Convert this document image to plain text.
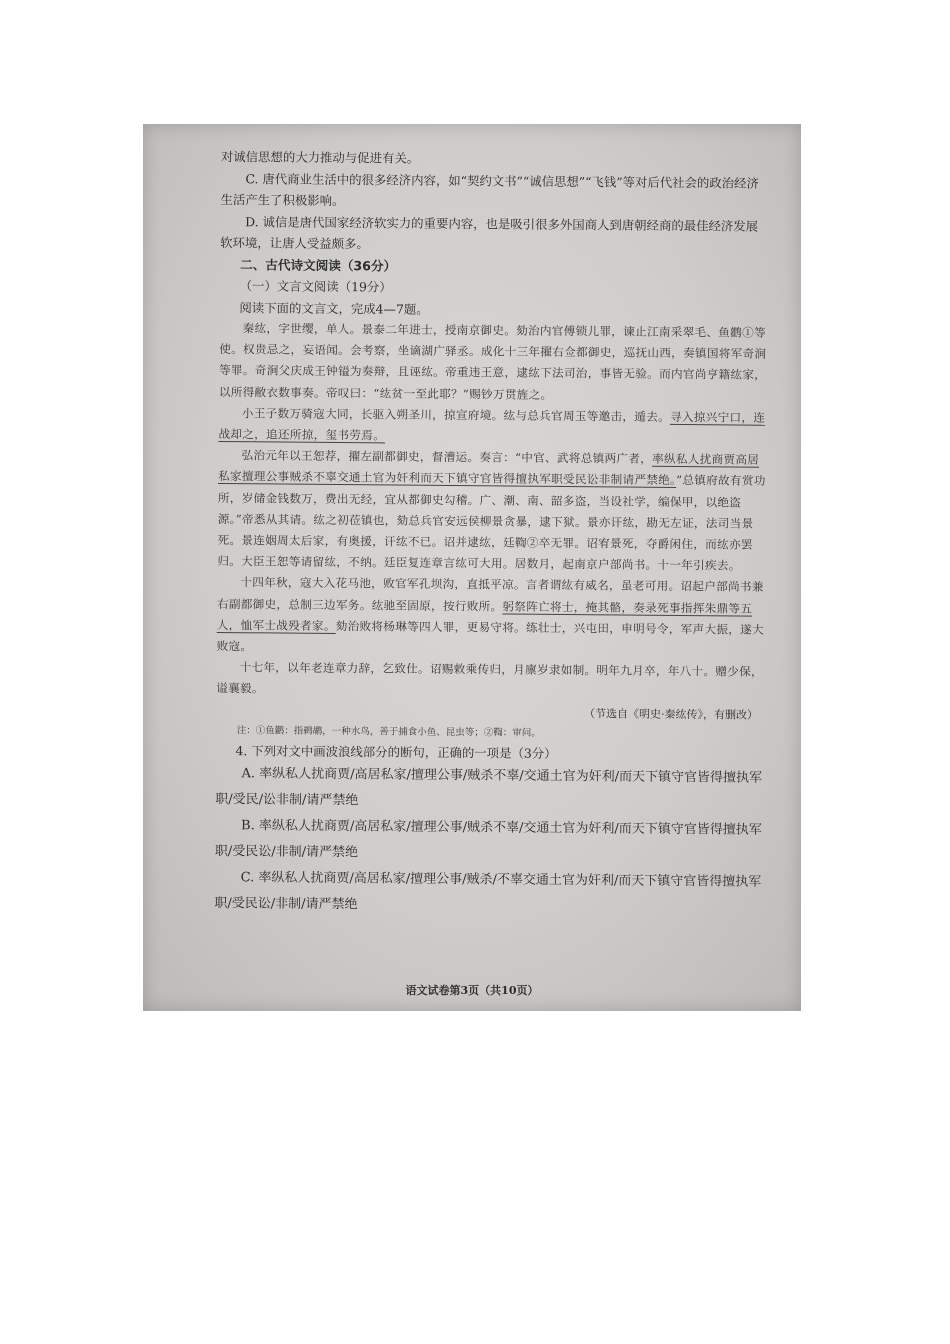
对诚信思想的大力推动与促进有关。

C. 唐代商业生活中的很多经济内容，如“契约文书”“诚信思想”“飞钱”等对后代社会的政治经济生活产生了积极影响。

D. 诚信是唐代国家经济软实力的重要内容，也是吸引很多外国商人到唐朝经商的最佳经济发展软环境，让唐人受益颇多。

二、古代诗文阅读（36分）

（一）文言文阅读（19分）

阅读下面的文言文，完成4—7题。

秦纮，字世缨，单人。景泰二年进士，授南京御史。劾治内官傅锁儿罪，谏止江南采翠毛、鱼鹳①等使。权贵忌之，妄语闻。会考察，坐谪湖广驿丞。成化十三年擢右佥都御史，巡抚山西，奏镇国将军奇涧等罪。奇涧父庆成王钟镒为奏辩，且诬纮。帝重违王意，逮纮下法司治，事皆无验。而内官尚亨籍纮家，以所得敝衣数事奏。帝叹曰：“纮贫一至此耶？”赐钞万贯旌之。

小王子数万骑寇大同，长驱入朔圣川，掠宣府境。纮与总兵官周玉等邀击，遁去。寻入掠兴宁口，连战却之，追还所掠，玺书劳焉。

弘治元年以王恕荐，擢左副都御史，督漕运。奏言：“中官、武将总镇两广者，率纵私人扰商贾高居私家擅理公事贼杀不辜交通土官为奸利而天下镇守官皆得擅执军职受民讼非制请严禁绝。”总镇府故有赏功所，岁储金钱数万，费出无经，宜从都御史勾稽。广、潮、南、韶多盗，当设社学，编保甲，以绝盗源。”帝悉从其请。纮之初莅镇也，劾总兵官安远侯柳景贪暴，逮下狱。景亦讦纮，勘无左证，法司当景死。景连姻周太后家，有奥援，讦纮不已。诏并逮纮，廷鞫②卒无罪。诏宥景死，夺爵闲住，而纮亦罢归。大臣王恕等请留纮，不纳。廷臣复连章言纮可大用。居数月，起南京户部尚书。十一年引疾去。

十四年秋，寇大入花马池，败官军孔坝沟，直抵平凉。言者谓纮有威名，虽老可用。诏起户部尚书兼右副都御史，总制三边军务。纮驰至固原，按行败所。躬祭阵亡将士，掩其骼，奏录死事指挥朱鼎等五人，恤军士战殁者家。劾治败将杨琳等四人罪，更易守将。练壮士，兴屯田，申明号令，军声大振，遂大败寇。

十七年，以年老连章力辞，乞致仕。诏赐敕乘传归，月廪岁隶如制。明年九月卒，年八十。赠少保，谥襄毅。

（节选自《明史·秦纮传》，有删改）

注：①鱼鹳：指鹈鹕，一种水鸟，善于捕食小鱼、昆虫等；②鞫：审问。

4. 下列对文中画波浪线部分的断句，正确的一项是（3分）

A. 率纵私人扰商贾/高居私家/擅理公事/贼杀不辜/交通土官为奸利/而天下镇守官皆得擅执军职/受民/讼非制/请严禁绝

B. 率纵私人扰商贾/高居私家/擅理公事/贼杀不辜/交通土官为奸利/而天下镇守官皆得擅执军职/受民讼/非制/请严禁绝

C. 率纵私人扰商贾/高居私家/擅理公事/贼杀/不辜交通土官为奸利/而天下镇守官皆得擅执军职/受民讼/非制/请严禁绝

语文试卷第3页（共10页）
